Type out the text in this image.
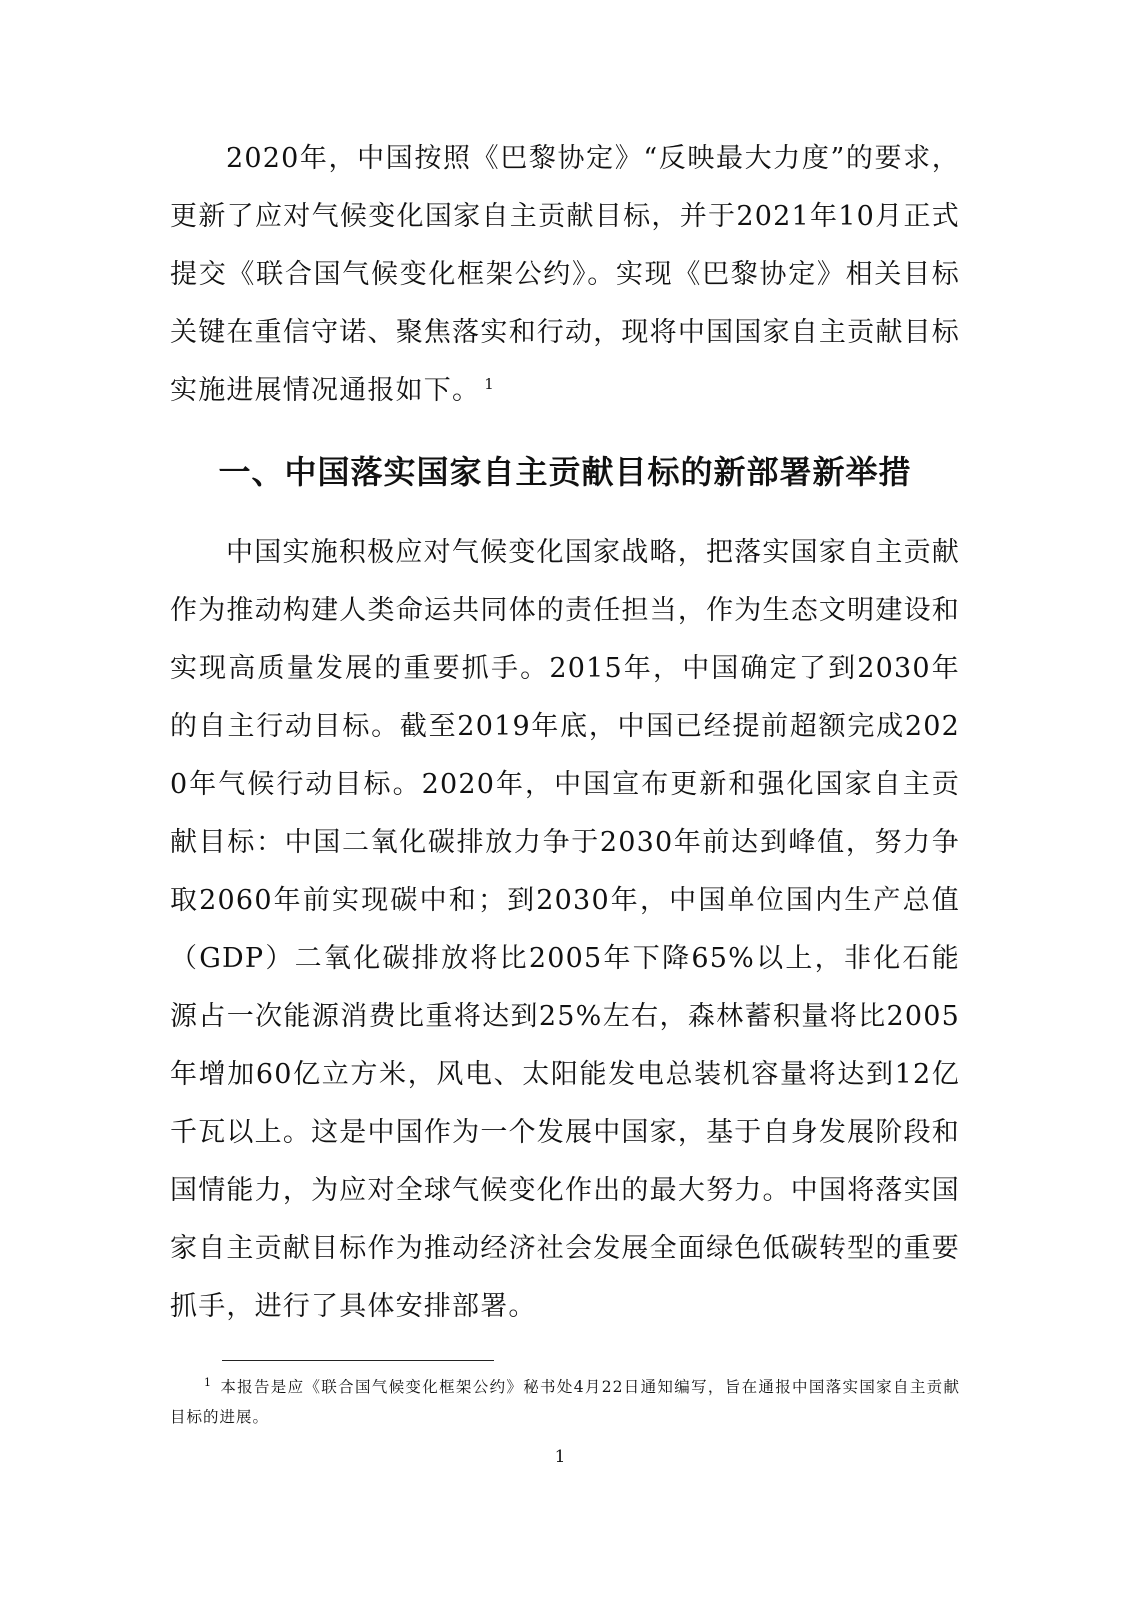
2020年，中国按照《巴黎协定》“反映最大力度”的要求，更新了应对气候变化国家自主贡献目标，并于2021年10月正式提交《联合国气候变化框架公约》。实现《巴黎协定》相关目标关键在重信守诺、聚焦落实和行动，现将中国国家自主贡献目标实施进展情况通报如下。 $^1$

一、中国落实国家自主贡献目标的新部署新举措

中国实施积极应对气候变化国家战略，把落实国家自主贡献作为推动构建人类命运共同体的责任担当，作为生态文明建设和实现高质量发展的重要抓手。2015年，中国确定了到2030年的自主行动目标。截至2019年底，中国已经提前超额完成2020年气候行动目标。2020年，中国宣布更新和强化国家自主贡献目标：中国二氧化碳排放力争于2030年前达到峰值，努力争取2060年前实现碳中和；到2030年，中国单位国内生产总值（GDP）二氧化碳排放将比2005年下降65%以上，非化石能源占一次能源消费比重将达到25%左右，森林蓄积量将比2005年增加60亿立方米，风电、太阳能发电总装机容量将达到12亿千瓦以上。这是中国作为一个发展中国家，基于自身发展阶段和国情能力，为应对全球气候变化作出的最大努力。中国将落实国家自主贡献目标作为推动经济社会发展全面绿色低碳转型的重要抓手，进行了具体安排部署。

$^1$ 本报告是应《联合国气候变化框架公约》秘书处4月22日通知编写，旨在通报中国落实国家自主贡献目标的进展。
1
